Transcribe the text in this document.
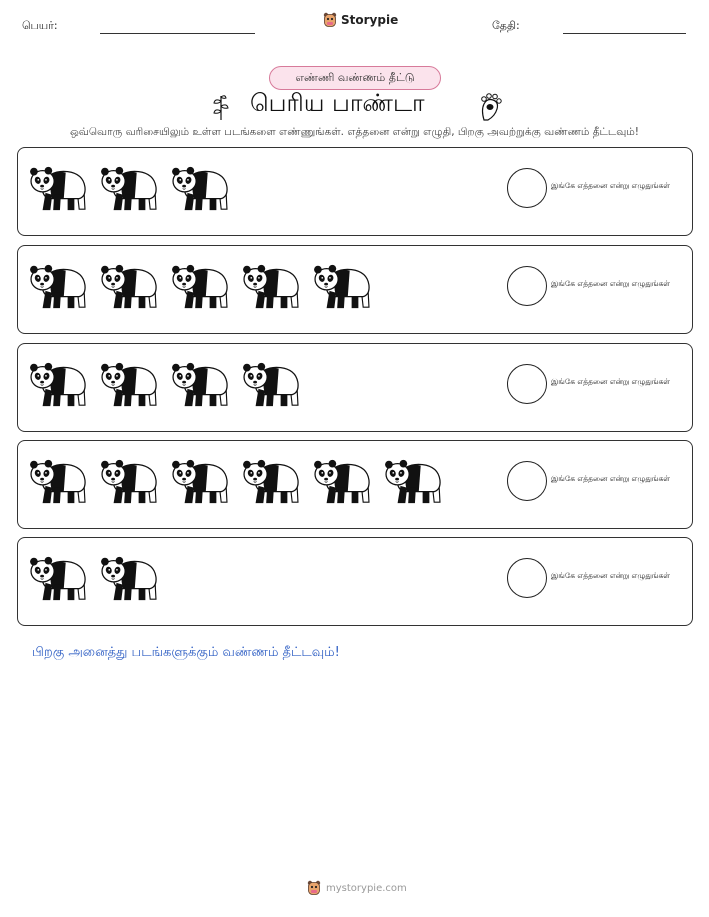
பெயர்:	Storypie	தேதி:
எண்ணி வண்ணம் தீட்டு
பெரிய பாண்டா
ஒவ்வொரு வரிசையிலும் உள்ள படங்களை எண்ணுங்கள். எத்தனை என்று எழுதி, பிறகு அவற்றுக்கு வண்ணம் தீட்டவும்!
இங்கே எத்தனை என்று எழுதுங்கள்
இங்கே எத்தனை என்று எழுதுங்கள்
இங்கே எத்தனை என்று எழுதுங்கள்
இங்கே எத்தனை என்று எழுதுங்கள்
இங்கே எத்தனை என்று எழுதுங்கள்
பிறகு அனைத்து படங்களுக்கும் வண்ணம் தீட்டவும்!
mystorypie.com
